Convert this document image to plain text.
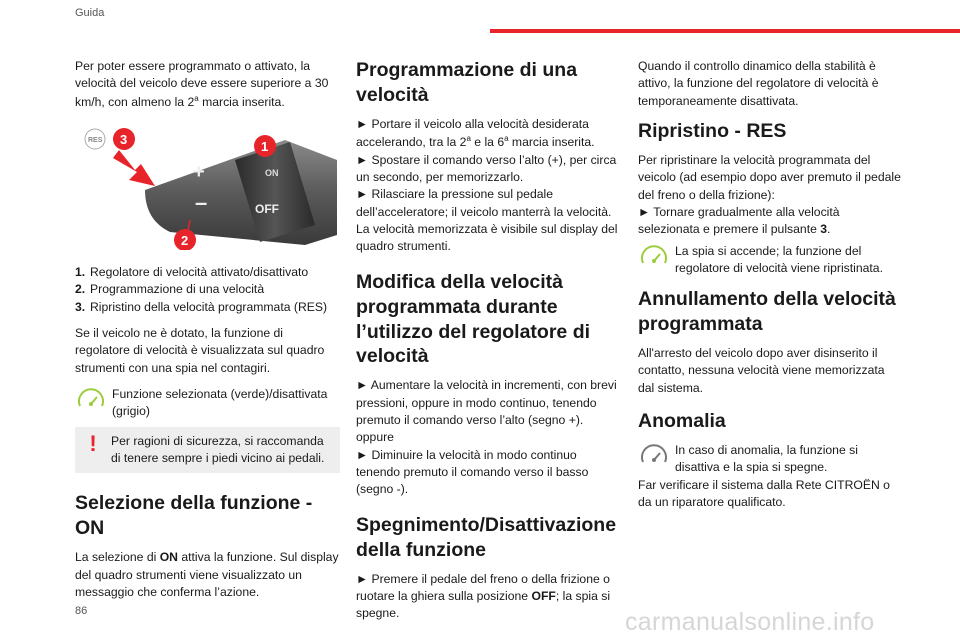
Guida

Per poter essere programmato o attivato, la velocità del veicolo deve essere superiore a 30 km/h, con almeno la 2$^a$ marcia inserita.

+
–
ON
OFF
RES 3	1
2
1. Regolatore di velocità attivato/disattivato
2. Programmazione di una velocità
3. Ripristino della velocità programmata (RES)

Se il veicolo ne è dotato, la funzione di regolatore di velocità è visualizzata sul quadro strumenti con una spia nel contagiri.

Funzione selezionata (verde)/disattivata (grigio)
!	Per ragioni di sicurezza, si raccomanda di tenere sempre i piedi vicino ai pedali.
Selezione della funzione - ON

La selezione di ON attiva la funzione. Sul display del quadro strumenti viene visualizzato un messaggio che conferma l’azione.

Programmazione di una velocità

► Portare il veicolo alla velocità desiderata accelerando, tra la 2$^a$ e la 6$^a$ marcia inserita.
► Spostare il comando verso l’alto (+), per circa un secondo, per memorizzarlo.
► Rilasciare la pressione sul pedale dell’acceleratore; il veicolo manterrà la velocità.
La velocità memorizzata è visibile sul display del quadro strumenti.

Modifica della velocità programmata durante l’utilizzo del regolatore di velocità

► Aumentare la velocità in incrementi, con brevi pressioni, oppure in modo continuo, tenendo premuto il comando verso l’alto (segno +).
oppure
► Diminuire la velocità in modo continuo tenendo premuto il comando verso il basso (segno -).

Spegnimento/Disattivazione della funzione

► Premere il pedale del freno o della frizione o ruotare la ghiera sulla posizione OFF; la spia si spegne.

Quando il controllo dinamico della stabilità è attivo, la funzione del regolatore di velocità è temporaneamente disattivata.

Ripristino - RES

Per ripristinare la velocità programmata del veicolo (ad esempio dopo aver premuto il pedale del freno o della frizione):
► Tornare gradualmente alla velocità selezionata e premere il pulsante 3.

La spia si accende; la funzione del regolatore di velocità viene ripristinata.
Annullamento della velocità programmata

All'arresto del veicolo dopo aver disinserito il contatto, nessuna velocità viene memorizzata dal sistema.

Anomalia
In caso di anomalia, la funzione si disattiva e la spia si spegne.

Far verificare il sistema dalla Rete CITROËN o da un riparatore qualificato.

86	carmanualsonline.info
